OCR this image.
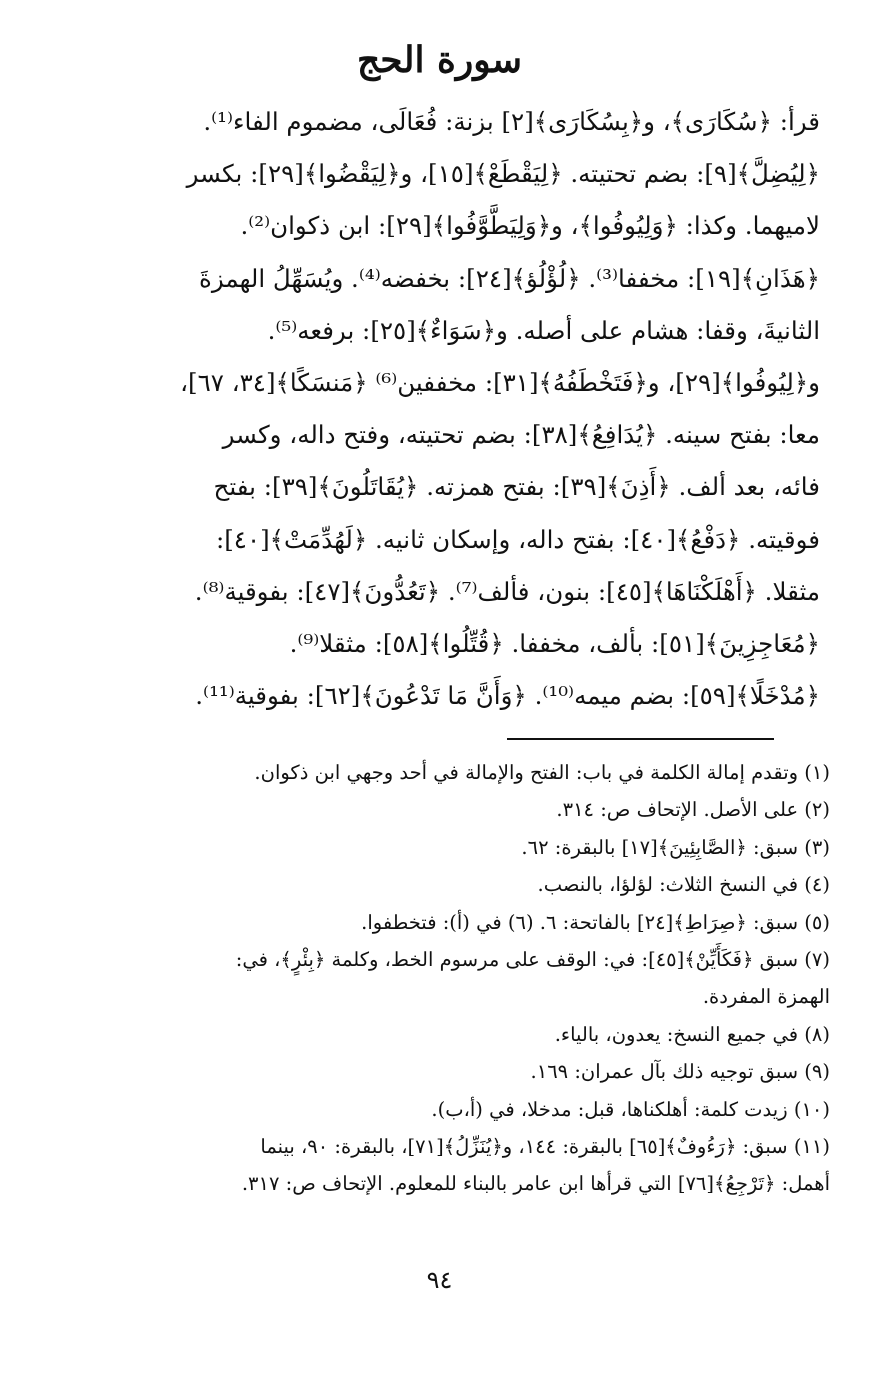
سورة الحج
قرأ: ﴿سُكَارَى﴾، و﴿بِسُكَارَى﴾[٢] بزنة: فُعَالَى، مضموم الفاء⁽¹⁾.
﴿لِيُضِلَّ﴾[٩]: بضم تحتيته. ﴿لِيَقْطَعْ﴾[١٥]، و﴿لِيَقْضُوا﴾[٢٩]: بكسر
لاميهما. وكذا: ﴿وَلِيُوفُوا﴾، و﴿وَلِيَطَّوَّفُوا﴾[٢٩]: ابن ذكوان⁽²⁾.
﴿هَذَانِ﴾[١٩]: مخففا⁽³⁾. ﴿لُؤْلُؤ﴾[٢٤]: بخفضه⁽⁴⁾. ويُسَهِّلُ الهمزةَ
الثانيةَ، وقفا: هشام على أصله. و﴿سَوَاءٌ﴾[٢٥]: برفعه⁽⁵⁾.
و﴿لِيُوفُوا﴾[٢٩]، و﴿فَتَخْطَفُهُ﴾[٣١]: مخففين⁽⁶⁾ ﴿مَنسَكًا﴾[٣٤، ٦٧]،
معا: بفتح سينه. ﴿يُدَافِعُ﴾[٣٨]: بضم تحتيته، وفتح داله، وكسر
فائه، بعد ألف. ﴿أَذِنَ﴾[٣٩]: بفتح همزته. ﴿يُقَاتَلُونَ﴾[٣٩]: بفتح
فوقيته. ﴿دَفْعُ﴾[٤٠]: بفتح داله، وإسكان ثانيه. ﴿لَهُدِّمَتْ﴾[٤٠]:
مثقلا. ﴿أَهْلَكْنَاهَا﴾[٤٥]: بنون، فألف⁽⁷⁾. ﴿تَعُدُّونَ﴾[٤٧]: بفوقية⁽⁸⁾.
﴿مُعَاجِزِينَ﴾[٥١]: بألف، مخففا. ﴿قُتِّلُوا﴾[٥٨]: مثقلا⁽⁹⁾.
﴿مُدْخَلًا﴾[٥٩]: بضم ميمه⁽¹⁰⁾. ﴿وَأَنَّ مَا تَدْعُونَ﴾[٦٢]: بفوقية⁽¹¹⁾.
(١) وتقدم إمالة الكلمة في باب: الفتح والإمالة في أحد وجهي ابن ذكوان.
(٢) على الأصل. الإتحاف ص: ٣١٤.
(٣) سبق: ﴿الصَّابِئِينَ﴾[١٧] بالبقرة: ٦٢.
(٤) في النسخ الثلاث: لؤلؤا، بالنصب.
(٥) سبق: ﴿صِرَاطِ﴾[٢٤] بالفاتحة: ٦. (٦) في (أ): فتخطفوا.
(٧) سبق ﴿فَكَأَيِّنْ﴾[٤٥]: في: الوقف على مرسوم الخط، وكلمة ﴿بِئْرٍ﴾، في:
الهمزة المفردة.
(٨) في جميع النسخ: يعدون، بالياء.
(٩) سبق توجيه ذلك بآل عمران: ١٦٩.
(١٠) زيدت كلمة: أهلكناها، قبل: مدخلا، في (أ،ب).
(١١) سبق: ﴿رَءُوفٌ﴾[٦٥] بالبقرة: ١٤٤، و﴿يُنَزِّلُ﴾[٧١]، بالبقرة: ٩٠، بينما
أهمل: ﴿تَرْجِعُ﴾[٧٦] التي قرأها ابن عامر بالبناء للمعلوم. الإتحاف ص: ٣١٧.
٩٤
